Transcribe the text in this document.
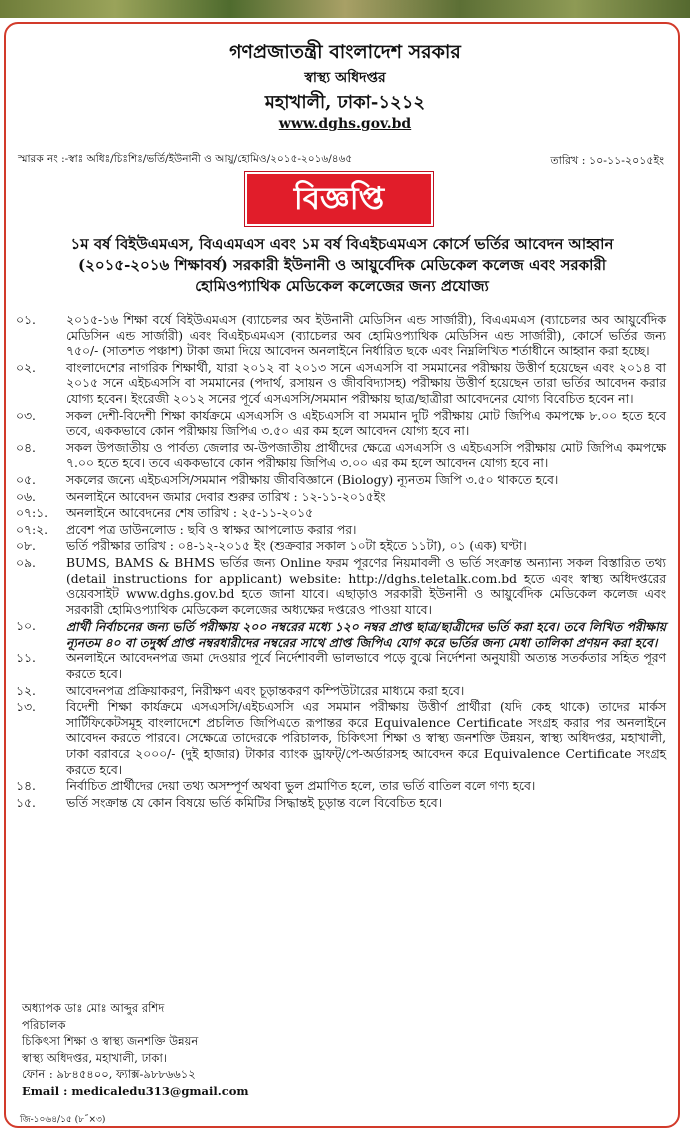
গণপ্রজাতন্ত্রী বাংলাদেশ সরকার
স্বাস্থ্য অধিদপ্তর
মহাখালী, ঢাকা-১২১২
www.dghs.gov.bd
স্মারক নং :-স্বাঃ অধিঃ/চিঃশিঃ/ভর্তি/ইউনানী ও আয়ু/হোমিও/২০১৫-২০১৬/৪৬৫	তারিখ : ১০-১১-২০১৫ইং
বিজ্ঞপ্তি
১ম বর্ষ বিইউএমএস, বিএএমএস এবং ১ম বর্ষ বিএইচএমএস কোর্সে ভর্তির আবেদন আহ্বান
(২০১৫-২০১৬ শিক্ষাবর্ষ) সরকারী ইউনানী ও আয়ুর্বেদিক মেডিকেল কলেজ এবং সরকারী
হোমিওপ্যাথিক মেডিকেল কলেজের জন্য প্রযোজ্য
০১.	২০১৫-১৬ শিক্ষা বর্ষে বিইউএমএস (ব্যাচেলর অব ইউনানী মেডিসিন এন্ড সার্জারী), বিএএমএস (ব্যাচেলর অব আয়ুর্বেদিক মেডিসিন এন্ড সার্জারী) এবং বিএইচএমএস (ব্যাচেলর অব হোমিওপ্যাথিক মেডিসিন এন্ড সার্জারী), কোর্সে ভর্তির জন্য ৭৫০/- (সাতশত পঞ্চাশ) টাকা জমা দিয়ে আবেদন অনলাইনে নির্ধারিত ছকে এবং নিম্নলিখিত শর্তাধীনে আহ্বান করা হচ্ছে।
০২.	বাংলাদেশের নাগরিক শিক্ষার্থী, যারা ২০১২ বা ২০১৩ সনে এসএসসি বা সমমানের পরীক্ষায় উত্তীর্ণ হয়েছেন এবং ২০১৪ বা ২০১৫ সনে এইচএসসি বা সমমানের (পদার্থ, রসায়ন ও জীববিদ্যাসহ) পরীক্ষায় উত্তীর্ণ হয়েছেন তারা ভর্তির আবেদন করার যোগ্য হবেন। ইংরেজী ২০১২ সনের পূর্বে এসএসসি/সমমান পরীক্ষায় ছাত্র/ছাত্রীরা আবেদনের যোগ্য বিবেচিত হবেন না।
০৩.	সকল দেশী-বিদেশী শিক্ষা কার্যক্রমে এসএসসি ও এইচএসসি বা সমমান দুটি পরীক্ষায় মোট জিপিএ কমপক্ষে ৮.০০ হতে হবে তবে, এককভাবে কোন পরীক্ষায় জিপিএ ৩.৫০ এর কম হলে আবেদন যোগ্য হবে না।
০৪.	সকল উপজাতীয় ও পার্বত্য জেলার অ-উপজাতীয় প্রার্থীদের ক্ষেত্রে এসএসসি ও এইচএসসি পরীক্ষায় মোট জিপিএ কমপক্ষে ৭.০০ হতে হবে। তবে এককভাবে কোন পরীক্ষায় জিপিএ ৩.০০ এর কম হলে আবেদন যোগ্য হবে না।
০৫.	সকলের জন্যে এইচএসসি/সমমান পরীক্ষায় জীববিজ্ঞানে (Biology) ন্যূনতম জিপি ৩.৫০ থাকতে হবে।
০৬.	অনলাইনে আবেদন জমার দেবার শুরুর তারিখ : ১২-১১-২০১৫ইং
০৭:১.	অনলাইনে আবেদনের শেষ তারিখ : ২৫-১১-২০১৫
০৭:২.	প্রবেশ পত্র ডাউনলোড : ছবি ও স্বাক্ষর আপলোড করার পর।
০৮.	ভর্তি পরীক্ষার তারিখ : ০৪-১২-২০১৫ ইং (শুক্রবার সকাল ১০টা হইতে ১১টা), ০১ (এক) ঘণ্টা।
০৯.	BUMS, BAMS & BHMS ভর্তির জন্য Online ফরম পূরণের নিয়মাবলী ও ভর্তি সংক্রান্ত অন্যান্য সকল বিস্তারিত তথ্য (detail instructions for applicant) website: http://dghs.teletalk.com.bd হতে এবং স্বাস্থ্য অধিদপ্তরের ওয়েবসাইট www.dghs.gov.bd হতে জানা যাবে। এছাড়াও সরকারী ইউনানী ও আয়ুর্বেদিক মেডিকেল কলেজ এবং সরকারী হোমিওপ্যাথিক মেডিকেল কলেজের অধ্যক্ষের দপ্তরেও পাওয়া যাবে।
১০.	প্রার্থী নির্বাচনের জন্য ভর্তি পরীক্ষায় ২০০ নম্বরের মধ্যে ১২০ নম্বর প্রাপ্ত ছাত্র/ছাত্রীদের ভর্তি করা হবে। তবে লিখিত পরীক্ষায় ন্যূনতম ৪০ বা তদুর্ধ্ব প্রাপ্ত নম্বরধারীদের নম্বরের সাথে প্রাপ্ত জিপিএ যোগ করে ভর্তির জন্য মেধা তালিকা প্রণয়ন করা হবে।
১১.	অনলাইনে আবেদনপত্র জমা দেওয়ার পূর্বে নির্দেশাবলী ভালভাবে পড়ে বুঝে নির্দেশনা অনুযায়ী অত্যন্ত সতর্কতার সহিত পূরণ করতে হবে।
১২.	আবেদনপত্র প্রক্রিয়াকরণ, নিরীক্ষণ এবং চূড়ান্তকরণ কম্পিউটারের মাধ্যমে করা হবে।
১৩.	বিদেশী শিক্ষা কার্যক্রমে এসএসসি/এইচএসসি এর সমমান পরীক্ষায় উত্তীর্ণ প্রার্থীরা (যদি কেহ থাকে) তাদের মার্কস সার্টিফিকেটসমূহ বাংলাদেশে প্রচলিত জিপিএতে রূপান্তর করে Equivalence Certificate সংগ্রহ করার পর অনলাইনে আবেদন করতে পারবে। সেক্ষেত্রে তাদেরকে পরিচালক, চিকিৎসা শিক্ষা ও স্বাস্থ্য জনশক্তি উন্নয়ন, স্বাস্থ্য অধিদপ্তর, মহাখালী, ঢাকা বরাবরে ২০০০/- (দুই হাজার) টাকার ব্যাংক ড্রাফট্/পে-অর্ডারসহ আবেদন করে Equivalence Certificate সংগ্রহ করতে হবে।
১৪.	নির্বাচিত প্রার্থীদের দেয়া তথ্য অসম্পূর্ণ অথবা ভুল প্রমাণিত হলে, তার ভর্তি বাতিল বলে গণ্য হবে।
১৫.	ভর্তি সংক্রান্ত যে কোন বিষয়ে ভর্তি কমিটির সিদ্ধান্তই চূড়ান্ত বলে বিবেচিত হবে।
অধ্যাপক ডাঃ মোঃ আব্দুর রশিদ
পরিচালক
চিকিৎসা শিক্ষা ও স্বাস্থ্য জনশক্তি উন্নয়ন
স্বাস্থ্য অধিদপ্তর, মহাখালী, ঢাকা।
ফোন : ৯৮৪৫৪০০, ফ্যাক্স-৯৮৮৬৬১২
Email : medicaledu313@gmail.com
জি-১০৬৪/১৫ (৮˝×৩)
